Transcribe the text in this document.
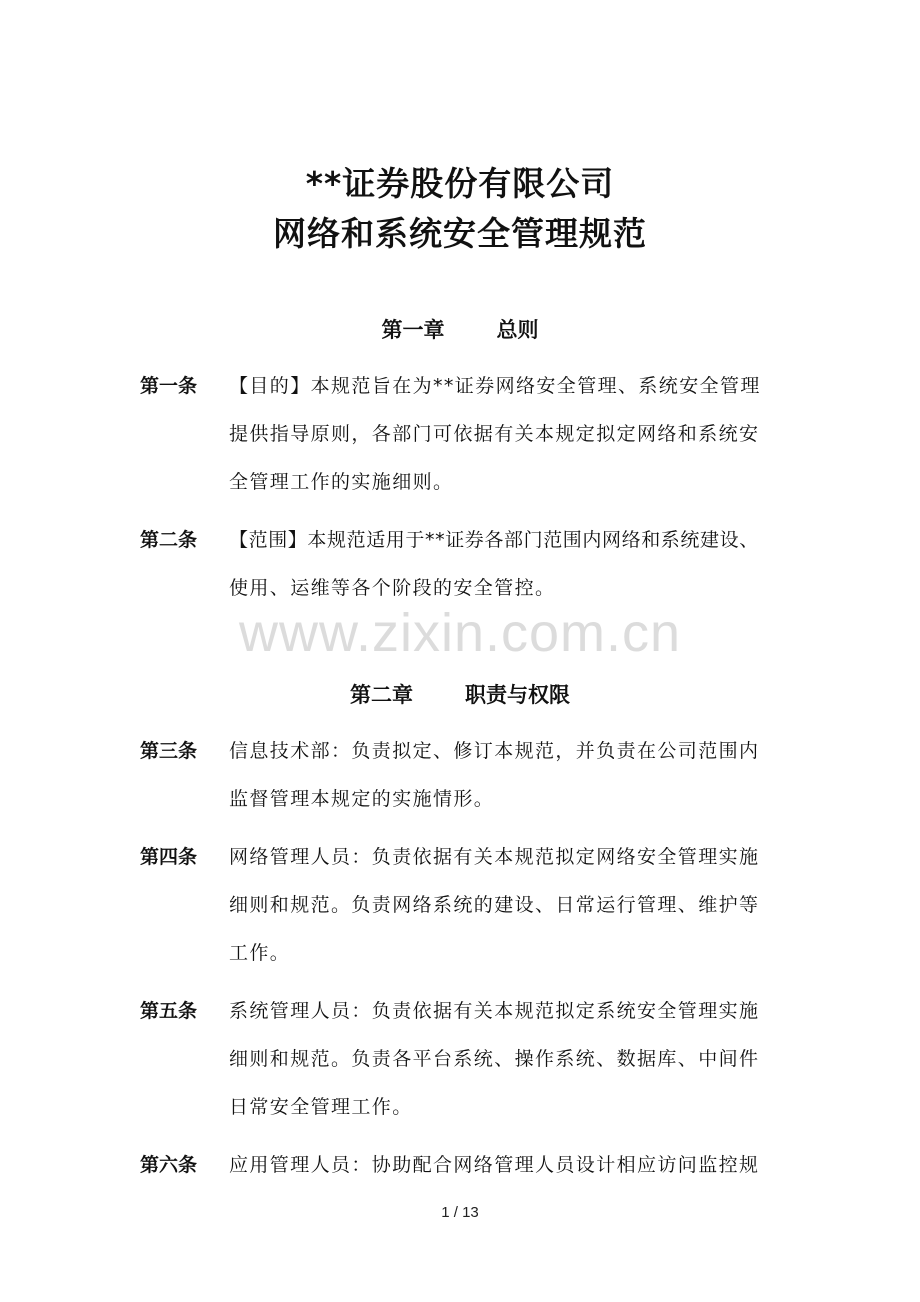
**证券股份有限公司
网络和系统安全管理规范
第一章 总则
第一条 【目的】本规范旨在为**证券网络安全管理、系统安全管理
提供指导原则，各部门可依据有关本规定拟定网络和系统安
全管理工作的实施细则。
第二条 【范围】本规范适用于**证券各部门范围内网络和系统建设、
使用、运维等各个阶段的安全管控。
www.zixin.com.cn
第二章 职责与权限
第三条 信息技术部：负责拟定、修订本规范，并负责在公司范围内
监督管理本规定的实施情形。
第四条 网络管理人员：负责依据有关本规范拟定网络安全管理实施
细则和规范。负责网络系统的建设、日常运行管理、维护等
工作。
第五条 系统管理人员：负责依据有关本规范拟定系统安全管理实施
细则和规范。负责各平台系统、操作系统、数据库、中间件
日常安全管理工作。
第六条 应用管理人员：协助配合网络管理人员设计相应访问监控规
1 / 13
